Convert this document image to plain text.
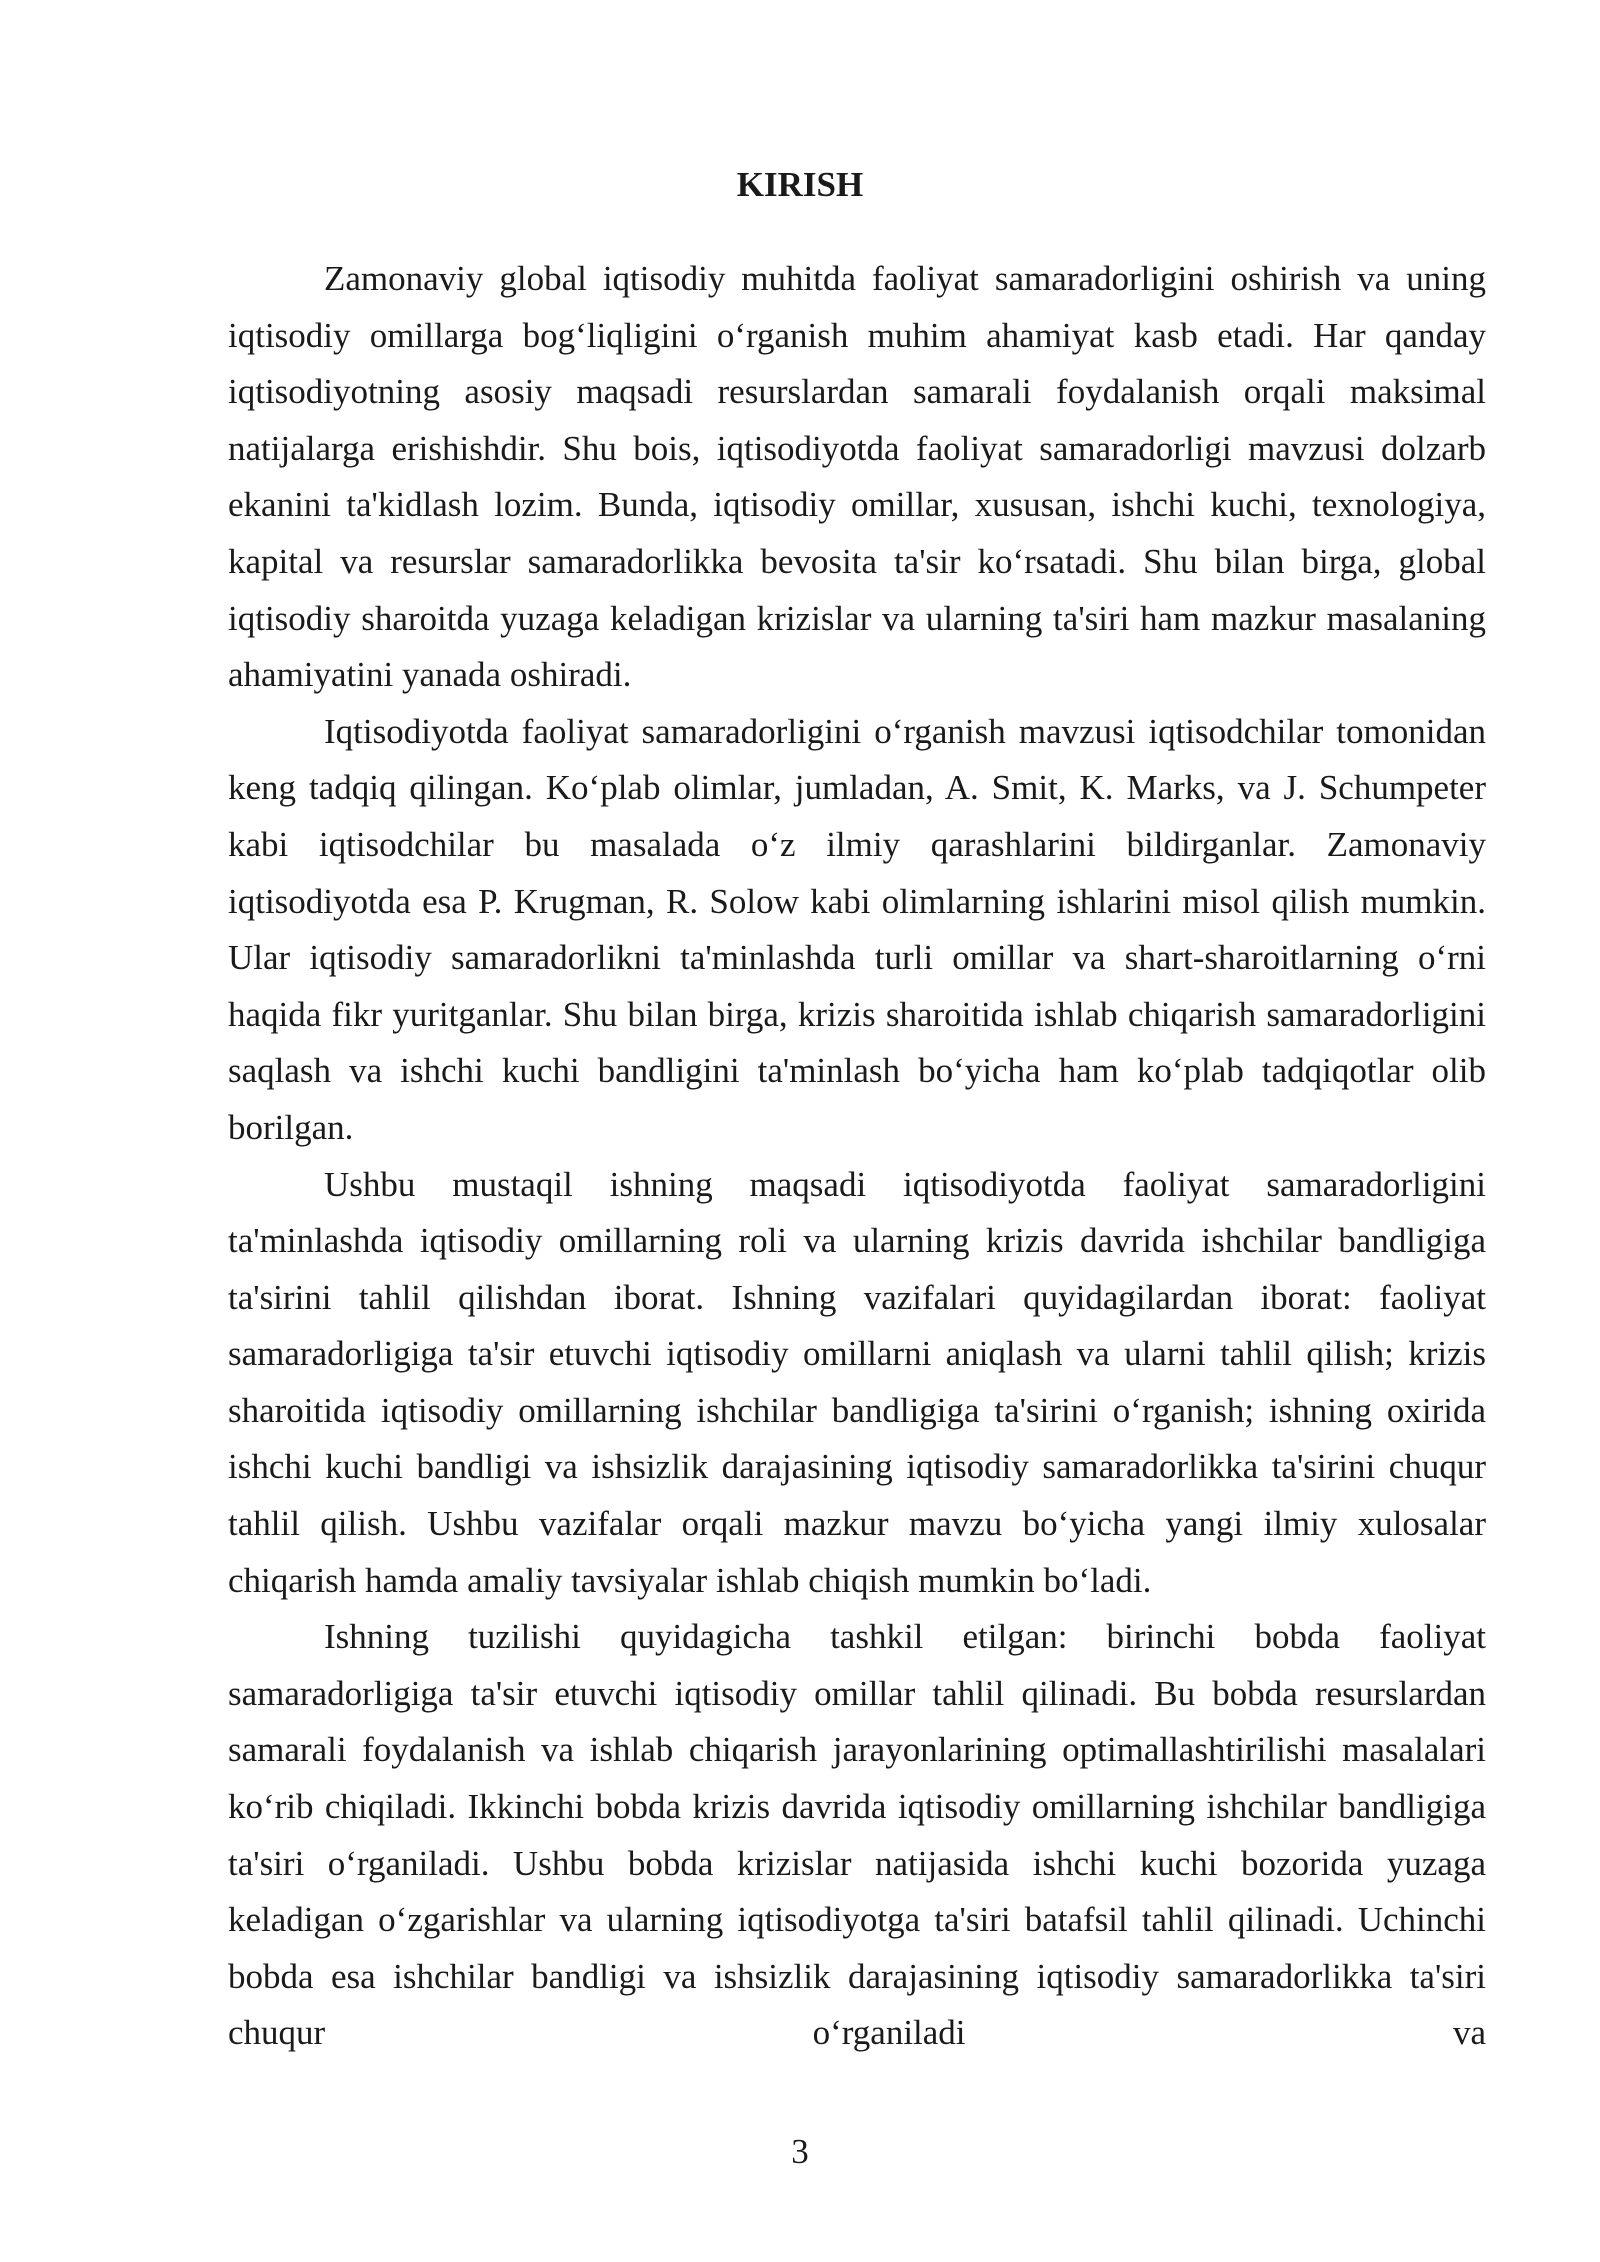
KIRISH

Zamonaviy global iqtisodiy muhitda faoliyat samaradorligini oshirish va uning iqtisodiy omillarga bog‘liqligini o‘rganish muhim ahamiyat kasb etadi. Har qanday iqtisodiyotning asosiy maqsadi resurslardan samarali foydalanish orqali maksimal natijalarga erishishdir. Shu bois, iqtisodiyotda faoliyat samaradorligi mavzusi dolzarb ekanini ta'kidlash lozim. Bunda, iqtisodiy omillar, xususan, ishchi kuchi, texnologiya, kapital va resurslar samaradorlikka bevosita ta'sir ko‘rsatadi. Shu bilan birga, global iqtisodiy sharoitda yuzaga keladigan krizislar va ularning ta'siri ham mazkur masalaning ahamiyatini yanada oshiradi.

Iqtisodiyotda faoliyat samaradorligini o‘rganish mavzusi iqtisodchilar tomonidan keng tadqiq qilingan. Ko‘plab olimlar, jumladan, A. Smit, K. Marks, va J. Schumpeter kabi iqtisodchilar bu masalada o‘z ilmiy qarashlarini bildirganlar. Zamonaviy iqtisodiyotda esa P. Krugman, R. Solow kabi olimlarning ishlarini misol qilish mumkin. Ular iqtisodiy samaradorlikni ta'minlashda turli omillar va shart-sharoitlarning o‘rni haqida fikr yuritganlar. Shu bilan birga, krizis sharoitida ishlab chiqarish samaradorligini saqlash va ishchi kuchi bandligini ta'minlash bo‘yicha ham ko‘plab tadqiqotlar olib borilgan.

Ushbu mustaqil ishning maqsadi iqtisodiyotda faoliyat samaradorligini ta'minlashda iqtisodiy omillarning roli va ularning krizis davrida ishchilar bandligiga ta'sirini tahlil qilishdan iborat. Ishning vazifalari quyidagilardan iborat: faoliyat samaradorligiga ta'sir etuvchi iqtisodiy omillarni aniqlash va ularni tahlil qilish; krizis sharoitida iqtisodiy omillarning ishchilar bandligiga ta'sirini o‘rganish; ishning oxirida ishchi kuchi bandligi va ishsizlik darajasining iqtisodiy samaradorlikka ta'sirini chuqur tahlil qilish. Ushbu vazifalar orqali mazkur mavzu bo‘yicha yangi ilmiy xulosalar chiqarish hamda amaliy tavsiyalar ishlab chiqish mumkin bo‘ladi.

Ishning tuzilishi quyidagicha tashkil etilgan: birinchi bobda faoliyat samaradorligiga ta'sir etuvchi iqtisodiy omillar tahlil qilinadi. Bu bobda resurslardan samarali foydalanish va ishlab chiqarish jarayonlarining optimallashtirilishi masalalari ko‘rib chiqiladi. Ikkinchi bobda krizis davrida iqtisodiy omillarning ishchilar bandligiga ta'siri o‘rganiladi. Ushbu bobda krizislar natijasida ishchi kuchi bozorida yuzaga keladigan o‘zgarishlar va ularning iqtisodiyotga ta'siri batafsil tahlil qilinadi. Uchinchi bobda esa ishchilar bandligi va ishsizlik darajasining iqtisodiy samaradorlikka ta'siri chuqur o‘rganiladi va

3
